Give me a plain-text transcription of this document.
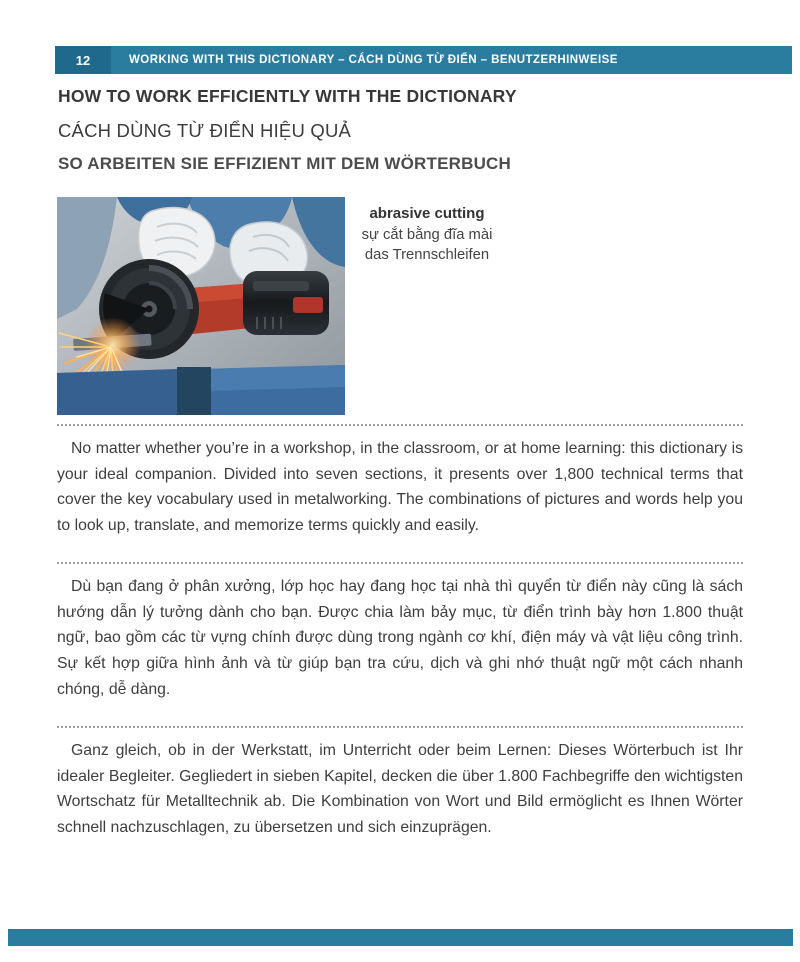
12	WORKING WITH THIS DICTIONARY – CÁCH DÙNG TỪ ĐIỂN – BENUTZERHINWEISE
HOW TO WORK EFFICIENTLY WITH THE DICTIONARY
CÁCH DÙNG TỪ ĐIỂN HIỆU QUẢ
SO ARBEITEN SIE EFFIZIENT MIT DEM WÖRTERBUCH
abrasive cutting
sự cắt bằng đĩa mài
das Trennschleifen

No matter whether you’re in a workshop, in the classroom, or at home learning: this dictionary is your ideal companion. Divided into seven sections, it presents over 1,800 technical terms that cover the key vocabulary used in metalworking. The combinations of pictures and words help you to look up, translate, and memorize terms quickly and easily.

Dù bạn đang ở phân xưởng, lớp học hay đang học tại nhà thì quyển từ điển này cũng là sách hướng dẫn lý tưởng dành cho bạn. Được chia làm bảy mục, từ điển trình bày hơn 1.800 thuật ngữ, bao gồm các từ vựng chính được dùng trong ngành cơ khí, điện máy và vật liệu công trình. Sự kết hợp giữa hình ảnh và từ giúp bạn tra cứu, dịch và ghi nhớ thuật ngữ một cách nhanh chóng, dễ dàng.

Ganz gleich, ob in der Werkstatt, im Unterricht oder beim Lernen: Dieses Wörterbuch ist Ihr idealer Begleiter. Gegliedert in sieben Kapitel, decken die über 1.800 Fachbegriffe den wichtigsten Wortschatz für Metalltechnik ab. Die Kombination von Wort und Bild ermöglicht es Ihnen Wörter schnell nachzuschlagen, zu übersetzen und sich einzuprägen.
